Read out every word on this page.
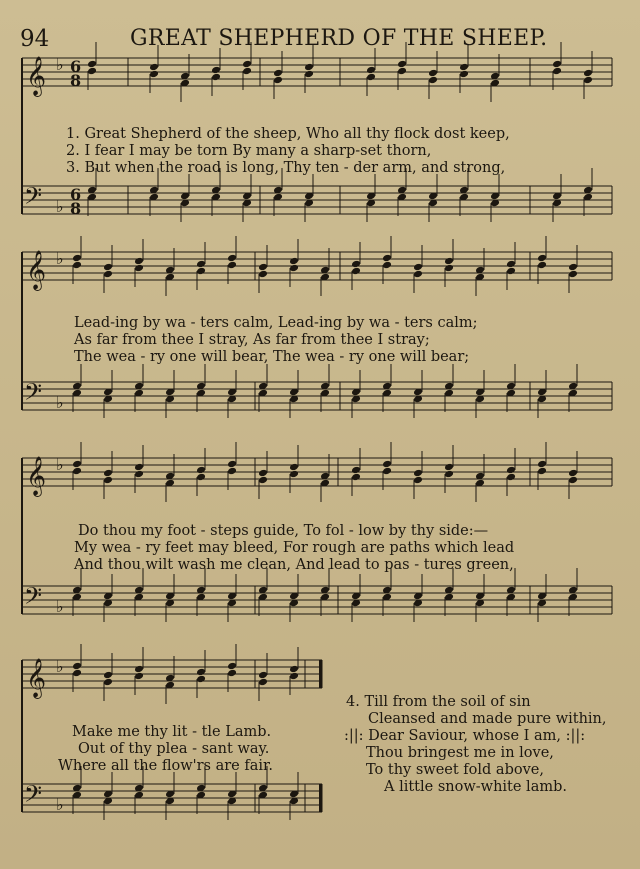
94	GREAT SHEPHERD OF THE SHEEP.
𝄞 ♭ 6
8
𝄢 ♭
6
8
𝄞 ♭
𝄢 ♭
𝄞 ♭
𝄢 ♭
𝄞 ♭
𝄢 ♭
1. Great Shepherd of the sheep, Who all thy flock dost keep,
2. I fear I may be torn By many a sharp-set thorn,
3. But when the road is long, Thy ten - der arm, and strong,
Lead-ing by wa - ters calm, Lead-ing by wa - ters calm;
As far from thee I stray, As far from thee I stray;
The wea - ry one will bear, The wea - ry one will bear;
Do thou my foot - steps guide, To fol - low by thy side:—
My wea - ry feet may bleed, For rough are paths which lead
And thou wilt wash me clean, And lead to pas - tures green,
Make me thy lit - tle Lamb.
Out of thy plea - sant way.
Where all the flow'rs are fair.
4. Till from the soil of sin
Cleansed and made pure within,
:||: Dear Saviour, whose I am, :||:
Thou bringest me in love,
To thy sweet fold above,
A little snow-white lamb.
